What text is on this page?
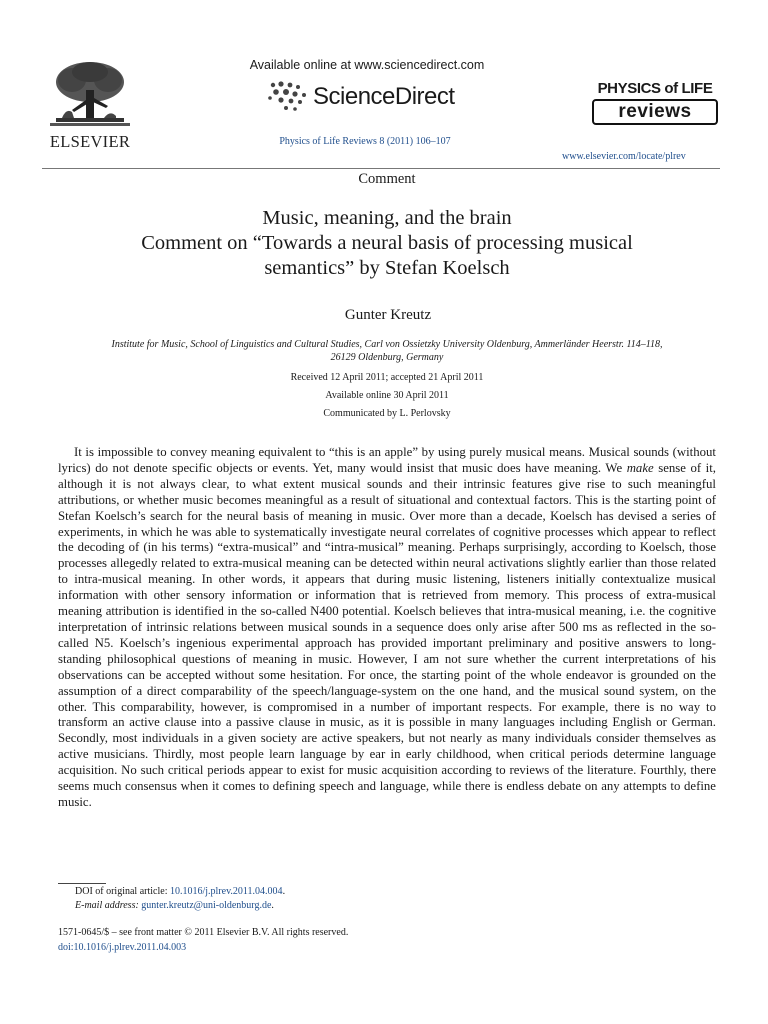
ELSEVIER
Available online at www.sciencedirect.com
ScienceDirect
Physics of Life Reviews 8 (2011) 106–107
PHYSICS of LIFE
reviews
www.elsevier.com/locate/plrev
Comment
Music, meaning, and the brain
Comment on “Towards a neural basis of processing musical
semantics” by Stefan Koelsch
Gunter Kreutz
Institute for Music, School of Linguistics and Cultural Studies, Carl von Ossietzky University Oldenburg, Ammerländer Heerstr. 114–118,
26129 Oldenburg, Germany
Received 12 April 2011; accepted 21 April 2011
Available online 30 April 2011
Communicated by L. Perlovsky

It is impossible to convey meaning equivalent to “this is an apple” by using purely musical means. Musical sounds (without lyrics) do not denote specific objects or events. Yet, many would insist that music does have meaning. We make sense of it, although it is not always clear, to what extent musical sounds and their intrinsic features give rise to such meaningful attributions, or whether music becomes meaningful as a result of situational and contextual factors. This is the starting point of Stefan Koelsch’s search for the neural basis of meaning in music. Over more than a decade, Koelsch has devised a series of experiments, in which he was able to systematically investigate neural correlates of cognitive processes which appear to reflect the decoding of (in his terms) “extra-musical” and “intra-musical” meaning. Perhaps surprisingly, according to Koelsch, those processes allegedly related to extra-musical meaning can be detected within neural activations slightly earlier than those related to intra-musical meaning. In other words, it appears that during music listening, listeners initially contextualize musical information with other sensory information or information that is retrieved from memory. This process of extra-musical meaning attribution is identified in the so-called N400 potential. Koelsch believes that intra-musical meaning, i.e. the cognitive interpretation of intrinsic relations between musical sounds in a sequence does only arise after 500 ms as reflected in the so-called N5. Koelsch’s ingenious experimental approach has provided important preliminary and positive answers to long-standing philosophical questions of meaning in music. However, I am not sure whether the current interpretations of his observations can be accepted without some hesitation. For once, the starting point of the whole endeavor is grounded on the assumption of a direct comparability of the speech/language-system on the one hand, and the musical sound system, on the other. This comparability, however, is compromised in a number of important respects. For example, there is no way to transform an active clause into a passive clause in music, as it is possible in many languages including English or German. Secondly, most individuals in a given society are active speakers, but not nearly as many individuals consider themselves as active musicians. Thirdly, most people learn language by ear in early childhood, when critical periods determine language acquisition. No such critical periods appear to exist for music acquisition according to reviews of the literature. Fourthly, there seems much consensus when it comes to defining speech and language, while there is endless debate on any attempts to define music.

DOI of original article: 10.1016/j.plrev.2011.04.004.
E-mail address: gunter.kreutz@uni-oldenburg.de.
1571-0645/$ – see front matter © 2011 Elsevier B.V. All rights reserved.
doi:10.1016/j.plrev.2011.04.003
